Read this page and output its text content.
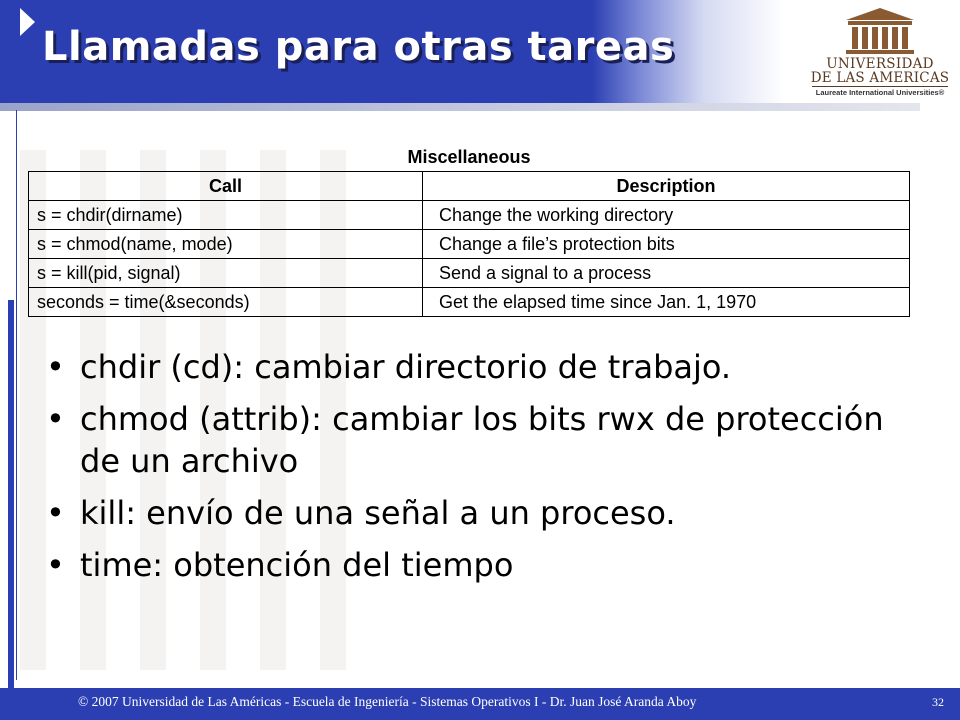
Llamadas para otras tareas	UNIVERSIDAD
DE LAS AMERICAS
Laureate International Universities®
Miscellaneous
Call	Description
s = chdir(dirname)	Change the working directory
s = chmod(name, mode)	Change a file’s protection bits
s = kill(pid, signal)	Send a signal to a process
seconds = time(&seconds)	Get the elapsed time since Jan. 1, 1970
• chdir (cd): cambiar directorio de trabajo.
• chmod (attrib): cambiar los bits rwx de protección de un archivo
• kill: envío de una señal a un proceso.
• time: obtención del tiempo
© 2007 Universidad de Las Américas - Escuela de Ingeniería - Sistemas Operativos I - Dr. Juan José Aranda Aboy	32
